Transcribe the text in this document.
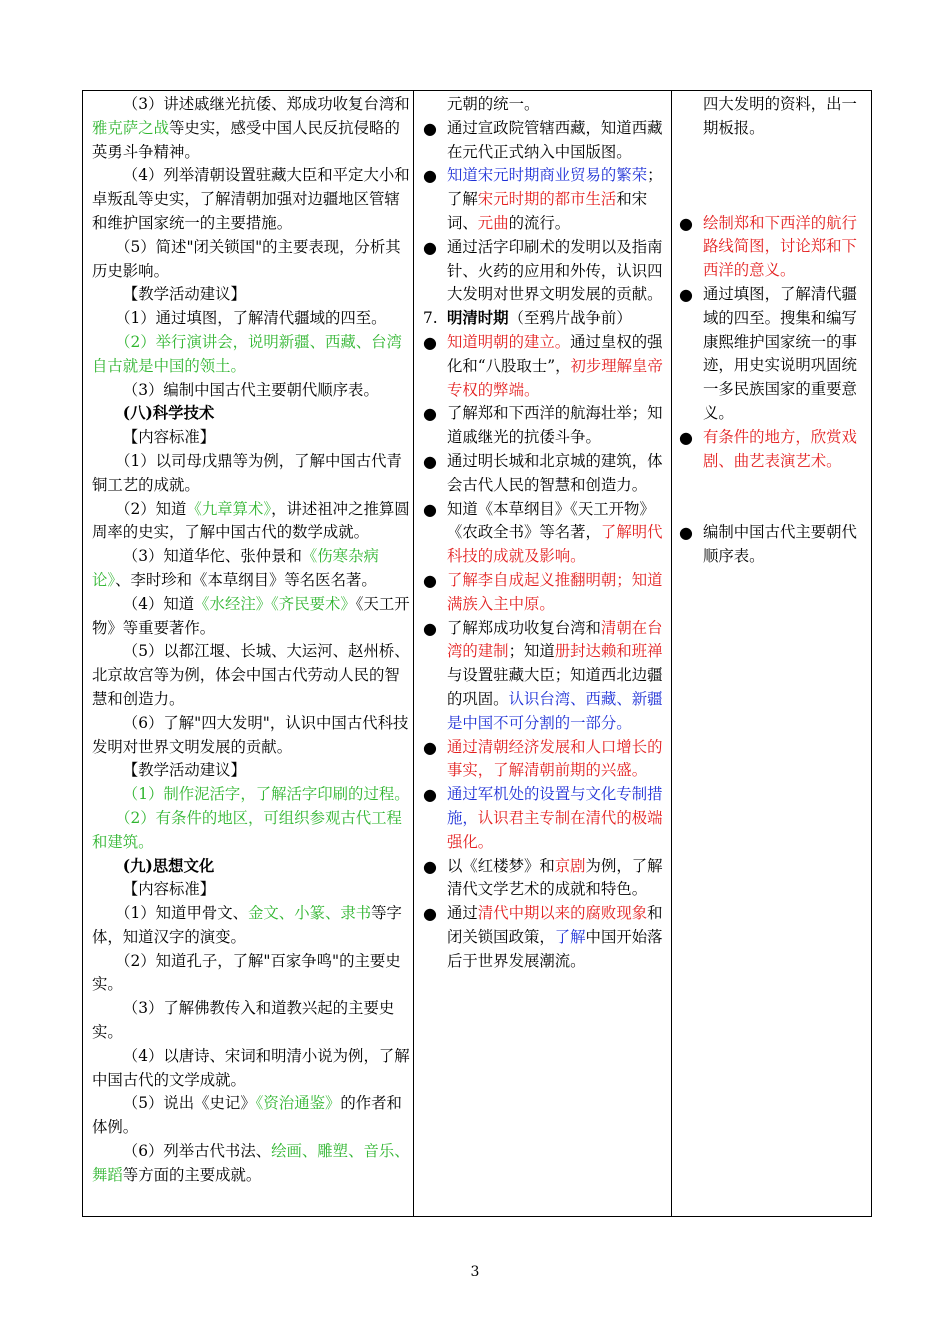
（3）讲述戚继光抗倭、郑成功收复台湾和雅克萨之战等史实，感受中国人民反抗侵略的英勇斗争精神。

（4）列举清朝设置驻藏大臣和平定大小和卓叛乱等史实，了解清朝加强对边疆地区管辖和维护国家统一的主要措施。

（5）简述"闭关锁国"的主要表现，分析其历史影响。

【教学活动建议】

（1）通过填图，了解清代疆域的四至。

（2）举行演讲会，说明新疆、西藏、台湾自古就是中国的领土。

（3）编制中国古代主要朝代顺序表。

(八)科学技术

【内容标准】

（1）以司母戊鼎等为例，了解中国古代青铜工艺的成就。

（2）知道《九章算术》，讲述祖冲之推算圆周率的史实，了解中国古代的数学成就。

（3）知道华佗、张仲景和《伤寒杂病论》、李时珍和《本草纲目》等名医名著。

（4）知道《水经注》《齐民要术》《天工开物》等重要著作。

（5）以都江堰、长城、大运河、赵州桥、北京故宫等为例，体会中国古代劳动人民的智慧和创造力。

（6）了解"四大发明"，认识中国古代科技发明对世界文明发展的贡献。

【教学活动建议】

（1）制作泥活字，了解活字印刷的过程。

（2）有条件的地区，可组织参观古代工程和建筑。

(九)思想文化

【内容标准】

（1）知道甲骨文、金文、小篆、隶书等字体，知道汉字的演变。

（2）知道孔子，了解"百家争鸣"的主要史实。

（3）了解佛教传入和道教兴起的主要史实。

（4）以唐诗、宋词和明清小说为例，了解中国古代的文学成就。

（5）说出《史记》《资治通鉴》的作者和体例。

（6）列举古代书法、绘画、雕塑、音乐、舞蹈等方面的主要成就。

元朝的统一。

● 通过宣政院管辖西藏，知道西藏在元代正式纳入中国版图。
● 知道宋元时期商业贸易的繁荣；了解宋元时期的都市生活和宋词、元曲的流行。
● 通过活字印刷术的发明以及指南针、火药的应用和外传，认识四大发明对世界文明发展的贡献。
7. 明清时期（至鸦片战争前）
● 知道明朝的建立。通过皇权的强化和“八股取士”，初步理解皇帝专权的弊端。
● 了解郑和下西洋的航海壮举；知道戚继光的抗倭斗争。
● 通过明长城和北京城的建筑，体会古代人民的智慧和创造力。
● 知道《本草纲目》《天工开物》《农政全书》等名著，了解明代科技的成就及影响。
● 了解李自成起义推翻明朝；知道满族入主中原。
● 了解郑成功收复台湾和清朝在台湾的建制；知道册封达赖和班禅与设置驻藏大臣；知道西北边疆的巩固。认识台湾、西藏、新疆是中国不可分割的一部分。
● 通过清朝经济发展和人口增长的事实，了解清朝前期的兴盛。
● 通过军机处的设置与文化专制措施，认识君主专制在清代的极端强化。
● 以《红楼梦》和京剧为例，了解清代文学艺术的成就和特色。
● 通过清代中期以来的腐败现象和闭关锁国政策，了解中国开始落后于世界发展潮流。

四大发明的资料，出一期板报。

● 绘制郑和下西洋的航行路线简图，讨论郑和下西洋的意义。
● 通过填图，了解清代疆域的四至。搜集和编写康熙维护国家统一的事迹，用史实说明巩固统一多民族国家的重要意义。
● 有条件的地方，欣赏戏剧、曲艺表演艺术。
● 编制中国古代主要朝代顺序表。
3
